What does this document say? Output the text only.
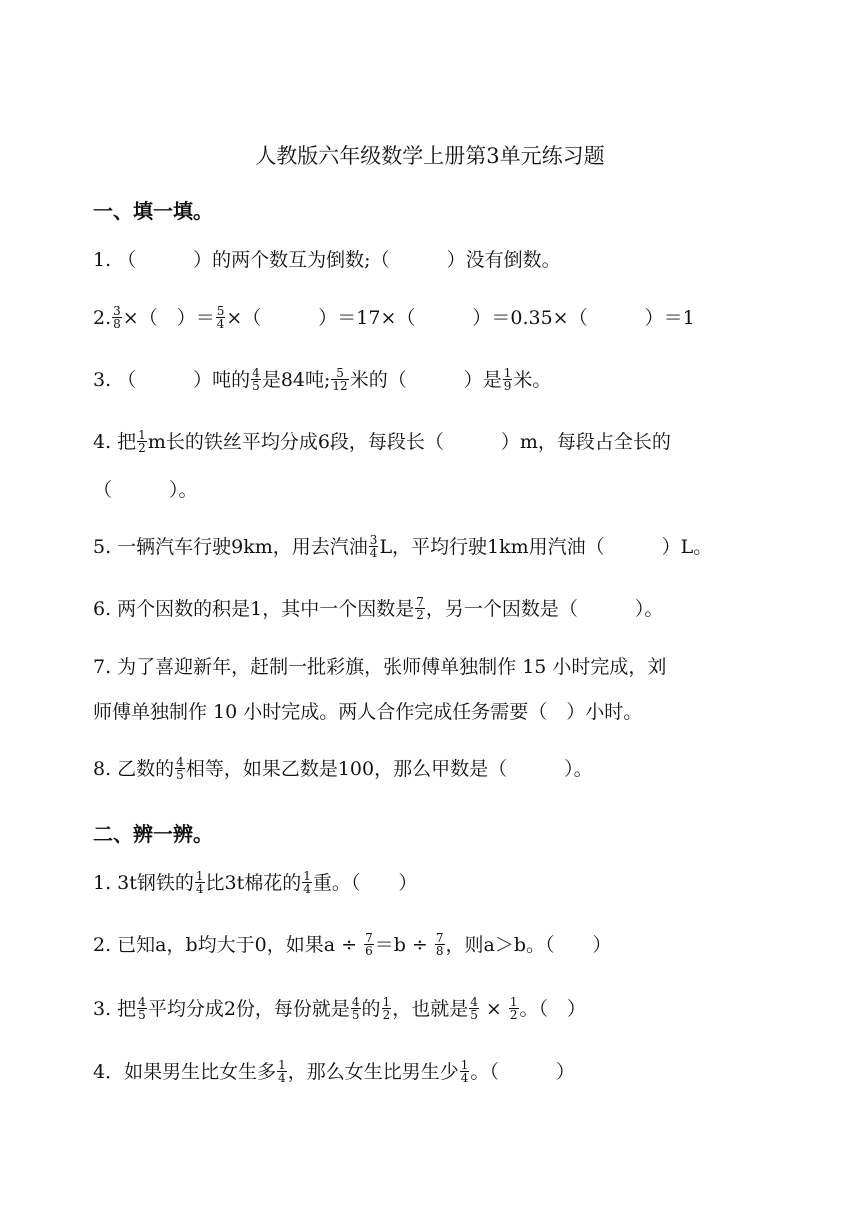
人教版六年级数学上册第3单元练习题
一、填一填。
1. （　　　）的两个数互为倒数;（　　　）没有倒数。
2. $\frac{3}{8}$ ×（　）＝ $\frac{5}{4}$ ×（　　　）＝17×（　　　）＝0.35×（　　　）＝1
3. （　　　）吨的 $\frac{4}{5}$ 是84吨; $\frac{5}{12}$ 米的（　　　）是 $\frac{1}{9}$ 米。
4. 把 $\frac{1}{2}$ m长的铁丝平均分成6段，每段长（　　　）m，每段占全长的
（　　　）。
5. 一辆汽车行驶9km，用去汽油 $\frac{3}{4}$ L，平均行驶1km用汽油（　　　）L。
6. 两个因数的积是1，其中一个因数是 $\frac{7}{2}$ ，另一个因数是（　　　）。
7. 为了喜迎新年，赶制一批彩旗，张师傅单独制作 15 小时完成，刘
师傅单独制作 10 小时完成。两人合作完成任务需要（　）小时。
8. 乙数的 $\frac{4}{5}$ 相等，如果乙数是100，那么甲数是（　　　）。
二、辨一辨。
1. 3t钢铁的 $\frac{1}{4}$ 比3t棉花的 $\frac{1}{4}$ 重。（　　）
2. 已知a，b均大于0，如果$a \div \frac{7}{6} =b \div \frac{7}{8}$ ，则a＞b。（　　）
3. 把 $\frac{4}{5}$ 平均分成2份，每份就是 $\frac{4}{5}$ 的 $\frac{1}{2}$ ，也就是 $\frac{4}{5} \times \frac{1}{2}$ 。（　）
4．如果男生比女生多 $\frac{1}{4}$ ，那么女生比男生少 $\frac{1}{4}$ 。（　　　）
